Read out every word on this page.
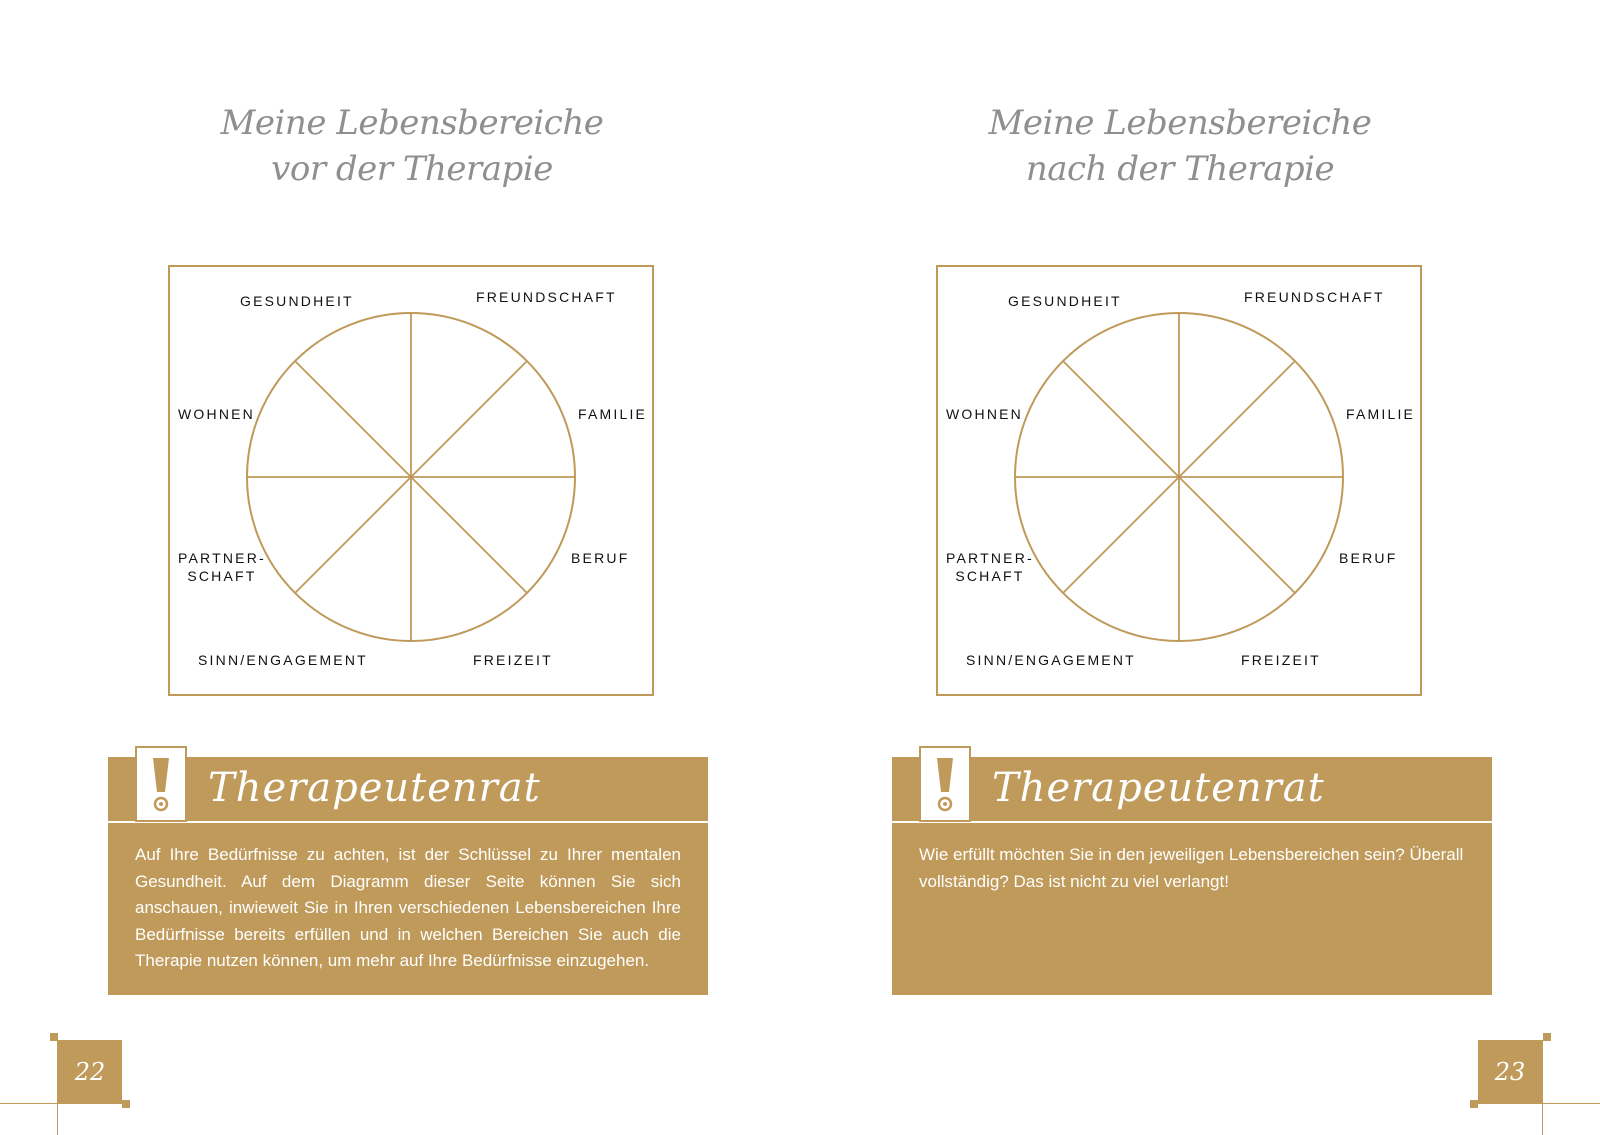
Meine Lebensbereiche
vor der Therapie
GESUNDHEIT	FREUNDSCHAFT
WOHNEN	FAMILIE
PARTNER-
SCHAFT
BERUF
SINN/ENGAGEMENT	FREIZEIT
Therapeutenrat
Auf Ihre Bedürfnisse zu achten, ist der Schlüssel zu Ihrer mentalen Gesundheit. Auf dem Diagramm dieser Seite können Sie sich anschauen, inwieweit Sie in Ihren verschiedenen Lebensbereichen Ihre Bedürfnisse bereits erfüllen und in welchen Bereichen Sie auch die Therapie nutzen können, um mehr auf Ihre Bedürfnisse einzugehen.
22
Meine Lebensbereiche
nach der Therapie
GESUNDHEIT	FREUNDSCHAFT
WOHNEN	FAMILIE
PARTNER-
SCHAFT
BERUF
SINN/ENGAGEMENT	FREIZEIT
Therapeutenrat
Wie erfüllt möchten Sie in den jeweiligen Lebensbereichen sein? Überall vollständig? Das ist nicht zu viel verlangt!
23
